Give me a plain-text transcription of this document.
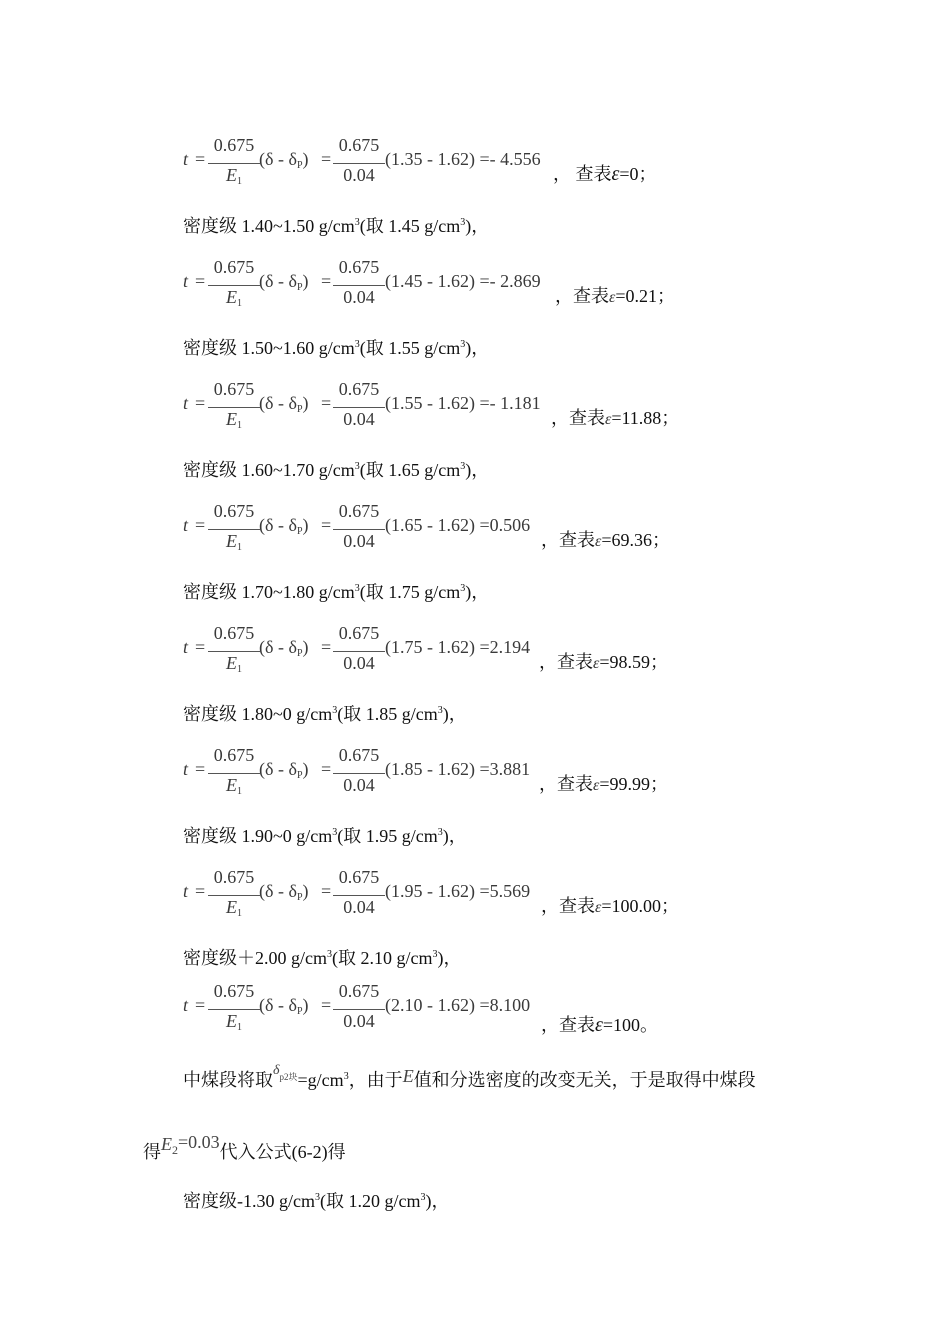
t =
0.675
$E_1$
$(\delta - \delta_P)$ =
0.675
0.04
(1.35 - 1.62) =- 4.556
， 查表ε=0；
密度级 1.40~1.50 $g/cm^3$(取 1.45 $g/cm^3$)，
t =
0.675
$E_1$
$(\delta - \delta_P)$ =
0.675
0.04
(1.45 - 1.62) =- 2.869
，查表ε=0.21；
密度级 1.50~1.60 $g/cm^3$(取 1.55 $g/cm^3$)，
t =
0.675
$E_1$
$(\delta - \delta_P)$ =
0.675
0.04
(1.55 - 1.62) =- 1.181
，查表ε=11.88；
密度级 1.60~1.70 $g/cm^3$(取 1.65 $g/cm^3$)，
t =
0.675
$E_1$
$(\delta - \delta_P)$ =
0.675
0.04
(1.65 - 1.62) =0.506
，查表ε=69.36；
密度级 1.70~1.80 $g/cm^3$(取 1.75 $g/cm^3$)，
t =
0.675
$E_1$
$(\delta - \delta_P)$ =
0.675
0.04
(1.75 - 1.62) =2.194
，查表ε=98.59；
密度级 1.80~0 $g/cm^3$(取 1.85 $g/cm^3$)，
t =
0.675
$E_1$
$(\delta - \delta_P)$ =
0.675
0.04
(1.85 - 1.62) =3.881
，查表ε=99.99；
密度级 1.90~0 $g/cm^3$(取 1.95 $g/cm^3$)，
t =
0.675
$E_1$
$(\delta - \delta_P)$ =
0.675
0.04
(1.95 - 1.62) =5.569
，查表ε=100.00；
密度级＋2.00 $g/cm^3$(取 2.10 $g/cm^3$)，
t =
0.675
$E_1$
$(\delta - \delta_P)$ =
0.675
0.04
(2.10 - 1.62) =8.100
，查表ε=100。
中煤段将取$^{\delta p2块}=g/cm^3$，由于E值和分选密度的改变无关，于是取得中煤段
得$E^2=0.03$代入公式(6-2)得
密度级-1.30 $g/cm^3$(取 1.20 $g/cm^3$)，
